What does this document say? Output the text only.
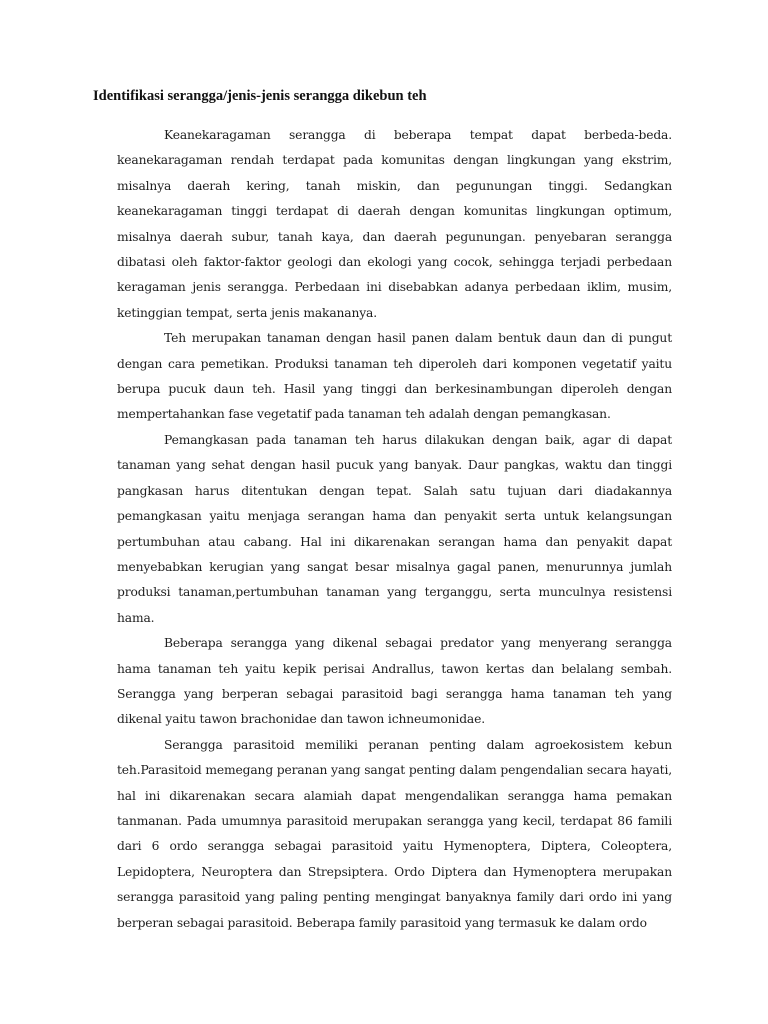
Identifikasi serangga/jenis-jenis serangga dikebun teh

Keanekaragaman serangga di beberapa tempat dapat berbeda-beda. keanekaragaman rendah terdapat pada komunitas dengan lingkungan yang ekstrim, misalnya daerah kering, tanah miskin, dan pegunungan tinggi. Sedangkan keanekaragaman tinggi terdapat di daerah dengan komunitas lingkungan optimum, misalnya daerah subur, tanah kaya, dan daerah pegunungan. penyebaran serangga dibatasi oleh faktor-faktor geologi dan ekologi yang cocok, sehingga terjadi perbedaan keragaman jenis serangga. Perbedaan ini disebabkan adanya perbedaan iklim, musim, ketinggian tempat, serta jenis makananya.

Teh merupakan tanaman dengan hasil panen dalam bentuk daun dan di pungut dengan cara pemetikan. Produksi tanaman teh diperoleh dari komponen vegetatif yaitu berupa pucuk daun teh. Hasil yang tinggi dan berkesinambungan diperoleh dengan mempertahankan fase vegetatif pada tanaman teh adalah dengan pemangkasan.

Pemangkasan pada tanaman teh harus dilakukan dengan baik, agar di dapat tanaman yang sehat dengan hasil pucuk yang banyak. Daur pangkas, waktu dan tinggi pangkasan harus ditentukan dengan tepat. Salah satu tujuan dari diadakannya pemangkasan yaitu menjaga serangan hama dan penyakit serta untuk kelangsungan pertumbuhan atau cabang. Hal ini dikarenakan serangan hama dan penyakit dapat menyebabkan kerugian yang sangat besar misalnya gagal panen, menurunnya jumlah produksi tanaman,pertumbuhan tanaman yang terganggu, serta munculnya resistensi hama.

Beberapa serangga yang dikenal sebagai predator yang menyerang serangga hama tanaman teh yaitu kepik perisai Andrallus, tawon kertas dan belalang sembah. Serangga yang berperan sebagai parasitoid bagi serangga hama tanaman teh yang dikenal yaitu tawon brachonidae dan tawon ichneumonidae.

Serangga parasitoid memiliki peranan penting dalam agroekosistem kebun teh.Parasitoid memegang peranan yang sangat penting dalam pengendalian secara hayati, hal ini dikarenakan secara alamiah dapat mengendalikan serangga hama pemakan tanmanan. Pada umumnya parasitoid merupakan serangga yang kecil, terdapat 86 famili dari 6 ordo serangga sebagai parasitoid yaitu Hymenoptera, Diptera, Coleoptera, Lepidoptera, Neuroptera dan Strepsiptera. Ordo Diptera dan Hymenoptera merupakan serangga parasitoid yang paling penting mengingat banyaknya family dari ordo ini yang berperan sebagai parasitoid. Beberapa family parasitoid yang termasuk ke dalam ordo
